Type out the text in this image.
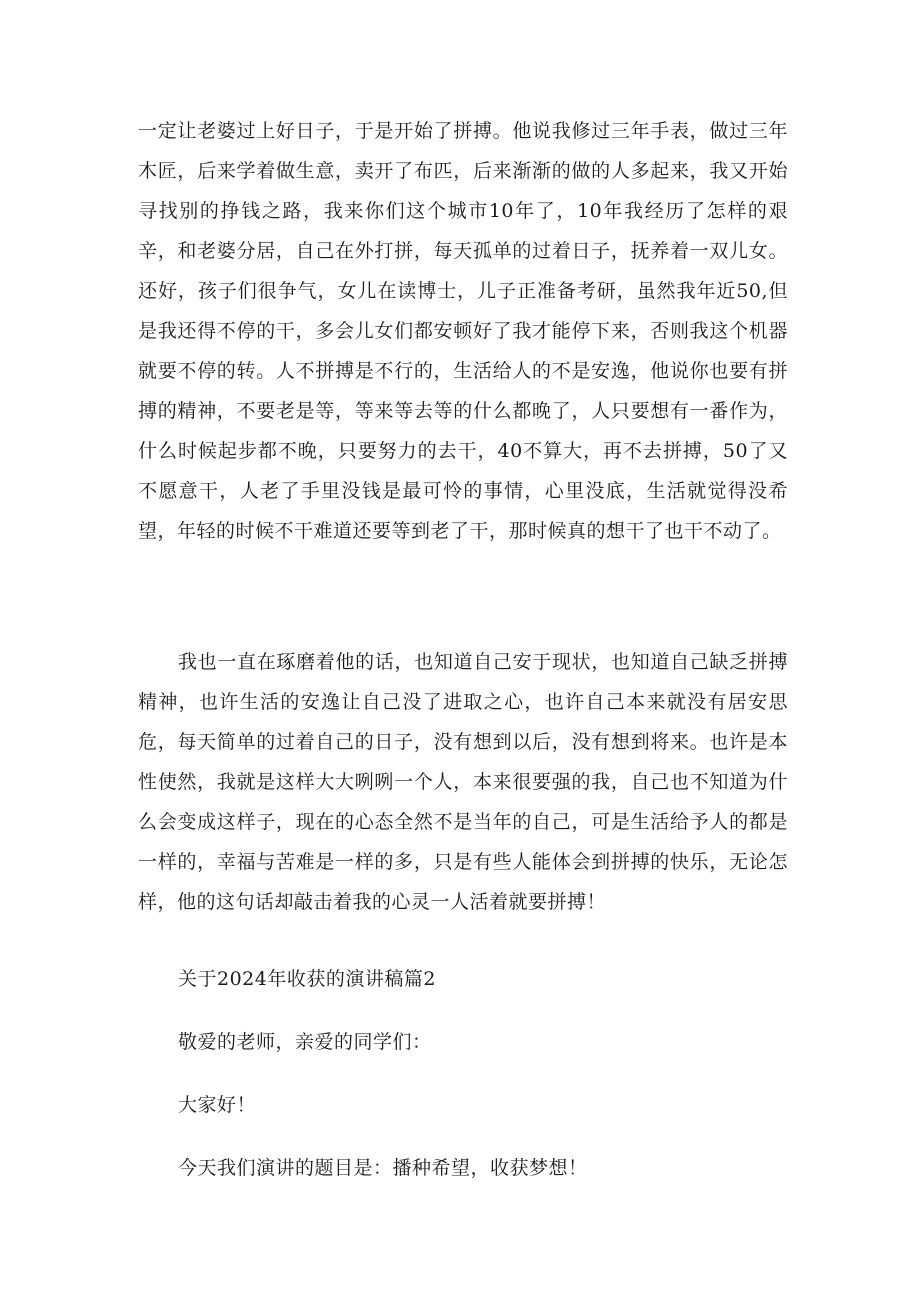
一定让老婆过上好日子，于是开始了拼搏。他说我修过三年手表，做过三年木匠，后来学着做生意，卖开了布匹，后来渐渐的做的人多起来，我又开始寻找别的挣钱之路，我来你们这个城市10年了，10年我经历了怎样的艰辛，和老婆分居，自己在外打拼，每天孤单的过着日子，抚养着一双儿女。还好，孩子们很争气，女儿在读博士，儿子正准备考研，虽然我年近50,但是我还得不停的干，多会儿女们都安顿好了我才能停下来，否则我这个机器就要不停的转。人不拼搏是不行的，生活给人的不是安逸，他说你也要有拼搏的精神，不要老是等，等来等去等的什么都晚了，人只要想有一番作为，什么时候起步都不晚，只要努力的去干，40不算大，再不去拼搏，50了又不愿意干，人老了手里没钱是最可怜的事情，心里没底，生活就觉得没希望，年轻的时候不干难道还要等到老了干，那时候真的想干了也干不动了。

我也一直在琢磨着他的话，也知道自己安于现状，也知道自己缺乏拼搏精神，也许生活的安逸让自己没了进取之心，也许自己本来就没有居安思危，每天简单的过着自己的日子，没有想到以后，没有想到将来。也许是本性使然，我就是这样大大咧咧一个人，本来很要强的我，自己也不知道为什么会变成这样子，现在的心态全然不是当年的自己，可是生活给予人的都是一样的，幸福与苦难是一样的多，只是有些人能体会到拼搏的快乐，无论怎样，他的这句话却敲击着我的心灵一人活着就要拼搏！

关于2024年收获的演讲稿篇2
敬爱的老师，亲爱的同学们：
大家好！
今天我们演讲的题目是：播种希望，收获梦想！
